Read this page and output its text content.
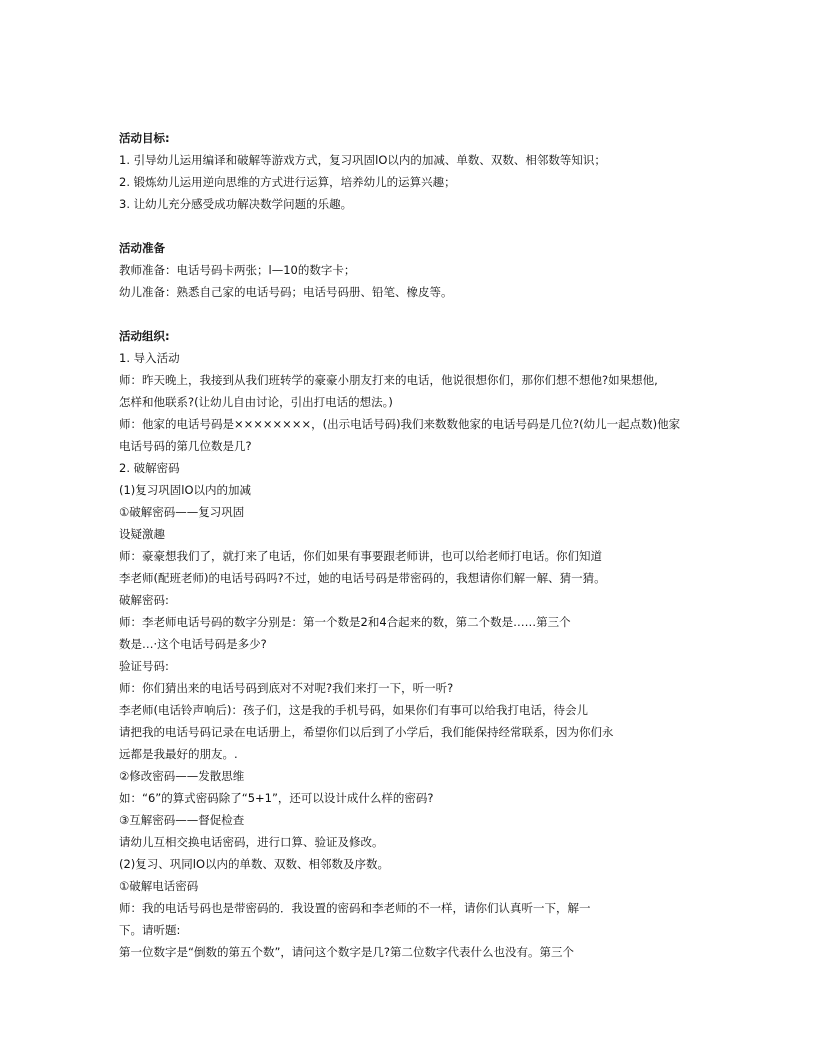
活动目标:
1. 引导幼儿运用编译和破解等游戏方式，复习巩固lO以内的加减、单数、双数、相邻数等知识；
2. 锻炼幼儿运用逆向思维的方式进行运算，培养幼儿的运算兴趣；
3. 让幼儿充分感受成功解决数学问题的乐趣。
活动准备
教师准备：电话号码卡两张；l—10的数字卡；
幼儿准备：熟悉自己家的电话号码；电话号码册、铅笔、橡皮等。
活动组织:
1. 导入活动
师：昨天晚上，我接到从我们班转学的豪豪小朋友打来的电话，他说很想你们，那你们想不想他?如果想他,
怎样和他联系?(让幼儿自由讨论，引出打电话的想法。)
师：他家的电话号码是××××××××，(出示电话号码)我们来数数他家的电话号码是几位?(幼儿一起点数)他家
电话号码的第几位数是几?
2. 破解密码
(1)复习巩固lO以内的加减
①破解密码——复习巩固
设疑激趣
师：豪豪想我们了，就打来了电话，你们如果有事要跟老师讲，也可以给老师打电话。你们知道
李老师(配班老师)的电话号码吗?不过，她的电话号码是带密码的，我想请你们解一解、猜一猜。
破解密码:
师：李老师电话号码的数字分别是：第一个数是2和4合起来的数，第二个数是……第三个
数是…·这个电话号码是多少?
验证号码:
师：你们猜出来的电话号码到底对不对呢?我们来打一下，听一听?
李老师(电话铃声响后)：孩子们，这是我的手机号码，如果你们有事可以给我打电话，待会儿
请把我的电话号码记录在电话册上，希望你们以后到了小学后，我们能保持经常联系，因为你们永
远都是我最好的朋友。.
②修改密码——发散思维
如：“6”的算式密码除了“5+1”，还可以设计成什么样的密码?
③互解密码——督促检查
请幼儿互相交换电话密码，进行口算、验证及修改。
(2)复习、巩同lO以内的单数、双数、相邻数及序数。
①破解电话密码
师：我的电话号码也是带密码的．我设置的密码和李老师的不一样，请你们认真听一下，解一
下。请听题:
第一位数字是“倒数的第五个数”，请问这个数字是几?第二位数字代表什么也没有。第三个
